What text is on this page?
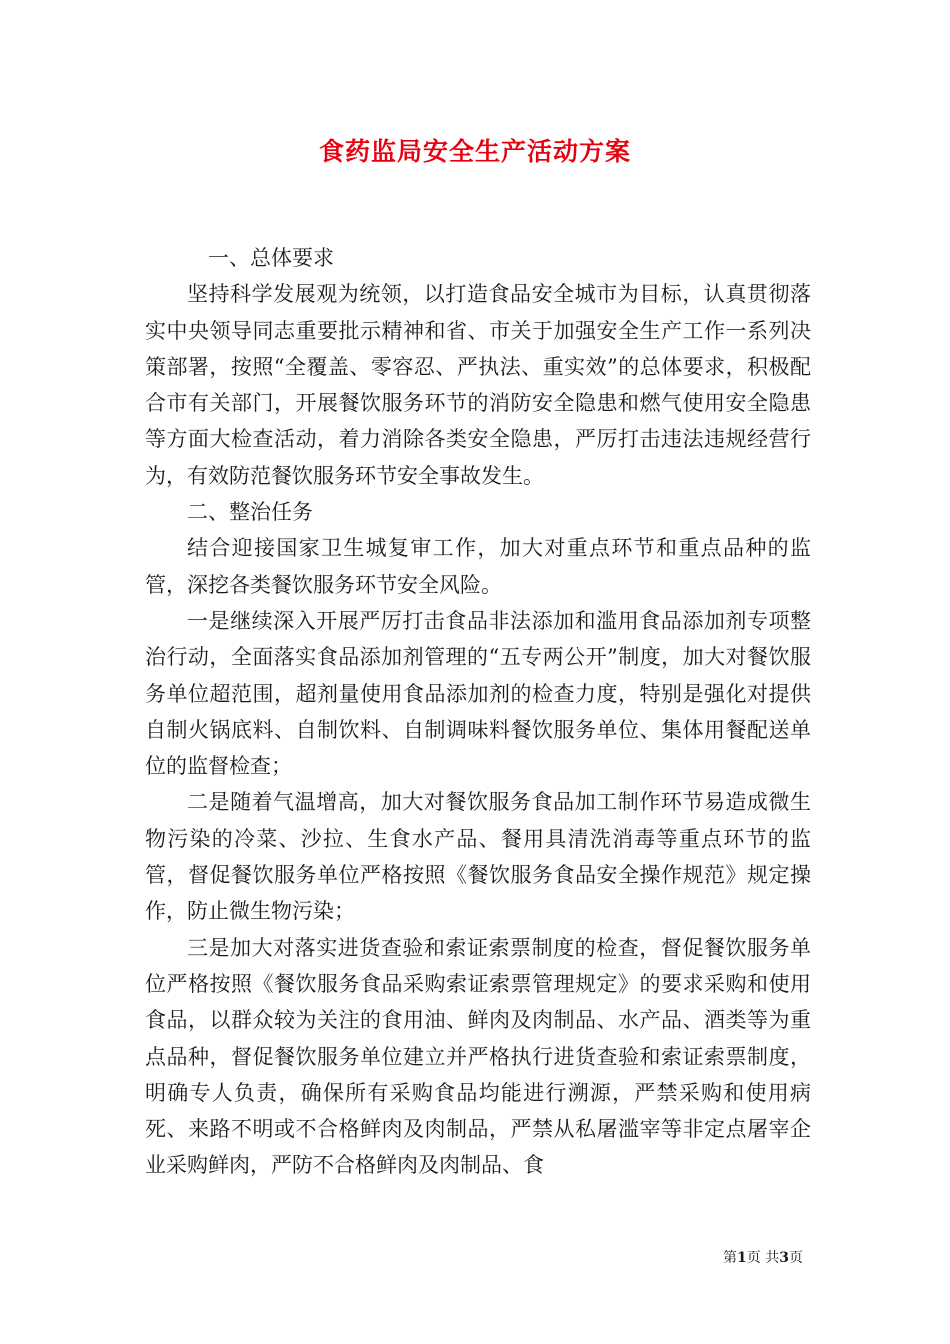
食药监局安全生产活动方案

一、总体要求

坚持科学发展观为统领，以打造食品安全城市为目标，认真贯彻落实中央领导同志重要批示精神和省、市关于加强安全生产工作一系列决策部署，按照“全覆盖、零容忍、严执法、重实效”的总体要求，积极配合市有关部门，开展餐饮服务环节的消防安全隐患和燃气使用安全隐患等方面大检查活动，着力消除各类安全隐患，严厉打击违法违规经营行为，有效防范餐饮服务环节安全事故发生。

二、整治任务

结合迎接国家卫生城复审工作，加大对重点环节和重点品种的监管，深挖各类餐饮服务环节安全风险。

一是继续深入开展严厉打击食品非法添加和滥用食品添加剂专项整治行动，全面落实食品添加剂管理的“五专两公开”制度，加大对餐饮服务单位超范围，超剂量使用食品添加剂的检查力度，特别是强化对提供自制火锅底料、自制饮料、自制调味料餐饮服务单位、集体用餐配送单位的监督检查；

二是随着气温增高，加大对餐饮服务食品加工制作环节易造成微生物污染的冷菜、沙拉、生食水产品、餐用具清洗消毒等重点环节的监管，督促餐饮服务单位严格按照《餐饮服务食品安全操作规范》规定操作，防止微生物污染；

三是加大对落实进货查验和索证索票制度的检查，督促餐饮服务单位严格按照《餐饮服务食品采购索证索票管理规定》的要求采购和使用食品，以群众较为关注的食用油、鲜肉及肉制品、水产品、酒类等为重点品种，督促餐饮服务单位建立并严格执行进货查验和索证索票制度，明确专人负责，确保所有采购食品均能进行溯源，严禁采购和使用病死、来路不明或不合格鲜肉及肉制品，严禁从私屠滥宰等非定点屠宰企业采购鲜肉，严防不合格鲜肉及肉制品、食

第1页 共3页
